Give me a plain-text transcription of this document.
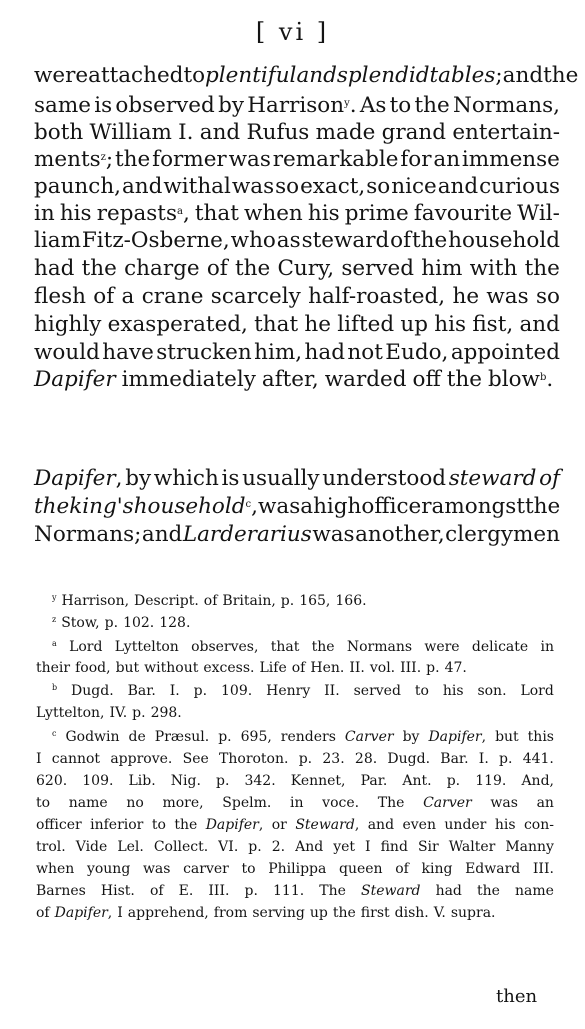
[ vi ]

were attached to plentiful and splendid tables; and the

same is observed by Harrison$^y$. As to the Normans,

both William I. and Rufus made grand entertain-

ments$^z$; the former was remarkable for an immense

paunch, and withal was so exact, so nice and curious

in his repasts$^a$, that when his prime favourite Wil-

liam Fitz-Osberne, who as steward of the household

had the charge of the Cury, served him with the

flesh of a crane scarcely half-roasted, he was so

highly exasperated, that he lifted up his fist, and

would have strucken him, had not Eudo, appointed

Dapifer immediately after, warded off the blow$^b$.

Dapifer, by which is usually understood steward of

the king's household$^c$, was a high officer amongst the

Normans; and Larderarius was another, clergymen

$^y$ Harrison, Descript. of Britain, p. 165, 166.

$^z$ Stow, p. 102. 128.

$^a$ Lord Lyttelton observes, that the Normans were delicate in

their food, but without excess. Life of Hen. II. vol. III. p. 47.

$^b$ Dugd. Bar. I. p. 109. Henry II. served to his son. Lord

Lyttelton, IV. p. 298.

$^c$ Godwin de Præsul. p. 695, renders Carver by Dapifer, but this

I cannot approve. See Thoroton. p. 23. 28. Dugd. Bar. I. p. 441.

620. 109. Lib. Nig. p. 342. Kennet, Par. Ant. p. 119. And,

to name no more, Spelm. in voce. The Carver was an

officer inferior to the Dapifer, or Steward, and even under his con-

trol. Vide Lel. Collect. VI. p. 2. And yet I find Sir Walter Manny

when young was carver to Philippa queen of king Edward III.

Barnes Hist. of E. III. p. 111. The Steward had the name

of Dapifer, I apprehend, from serving up the first dish. V. supra.

then
